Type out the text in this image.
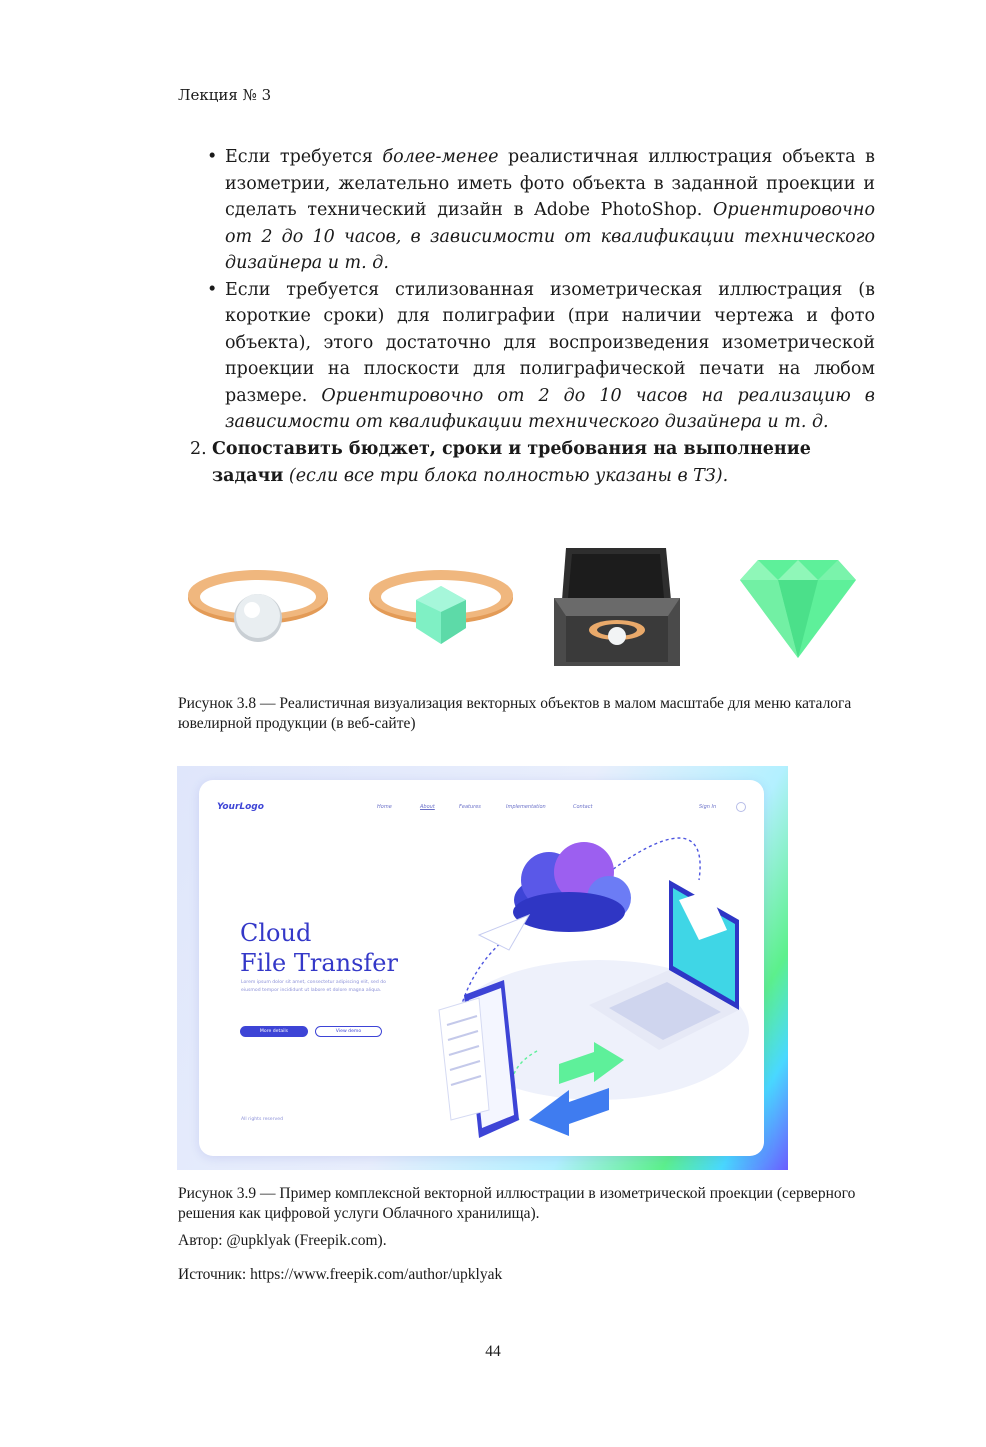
Лекция № 3
• Если требуется более-менее реалистичная иллюстрация объекта в изометрии, желательно иметь фото объекта в заданной проекции и сделать технический дизайн в Adobe PhotoShop. Ориентировочно от 2 до 10 часов, в зависимости от квалификации технического дизайнера и т. д.
• Если требуется стилизованная изометрическая иллюстрация (в короткие сроки) для полиграфии (при наличии чертежа и фото объекта), этого достаточно для воспроизведения изометрической проекции на плоскости для полиграфической печати на любом размере. Ориентировочно от 2 до 10 часов на реализацию в зависимости от квалификации технического дизайнера и т. д.
2. Сопоставить бюджет, сроки и требования на выполнение задачи (если все три блока полностью указаны в ТЗ).
Рисунок 3.8 — Реалистичная визуализация векторных объектов в малом масштабе для меню каталога ювелирной продукции (в веб-сайте)
YourLogo	Home	About	Features	Implementation	Contact	Sign In
Cloud
File Transfer
Lorem ipsum dolor sit amet, consectetur adipiscing elit, sed do eiusmod tempor incididunt ut labore et dolore magna aliqua.
More details	View demo
All rights reserved
Рисунок 3.9 — Пример комплексной векторной иллюстрации в изометрической проекции (серверного решения как цифровой услуги Облачного хранилища).
Автор: @upklyak (Freepik.com).
Источник: https://www.freepik.com/author/upklyak
44
